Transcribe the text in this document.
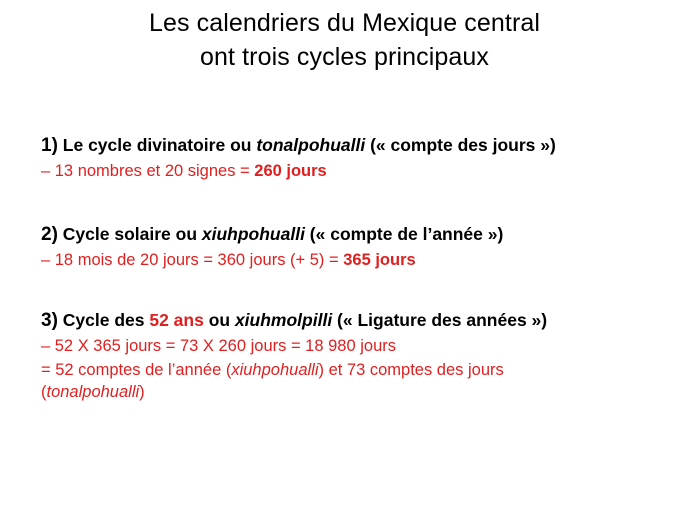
Les calendriers du Mexique central
ont trois cycles principaux
1) Le cycle divinatoire ou tonalpohualli (« compte des jours »)
– 13 nombres et 20 signes = 260 jours
2) Cycle solaire ou xiuhpohualli (« compte de l’année »)
– 18 mois de 20 jours = 360 jours (+ 5) = 365 jours
3) Cycle des 52 ans ou xiuhmolpilli (« Ligature des années »)
– 52 X 365 jours = 73 X 260 jours = 18 980 jours
= 52 comptes de l’année (xiuhpohualli) et 73 comptes des jours
(tonalpohualli)
